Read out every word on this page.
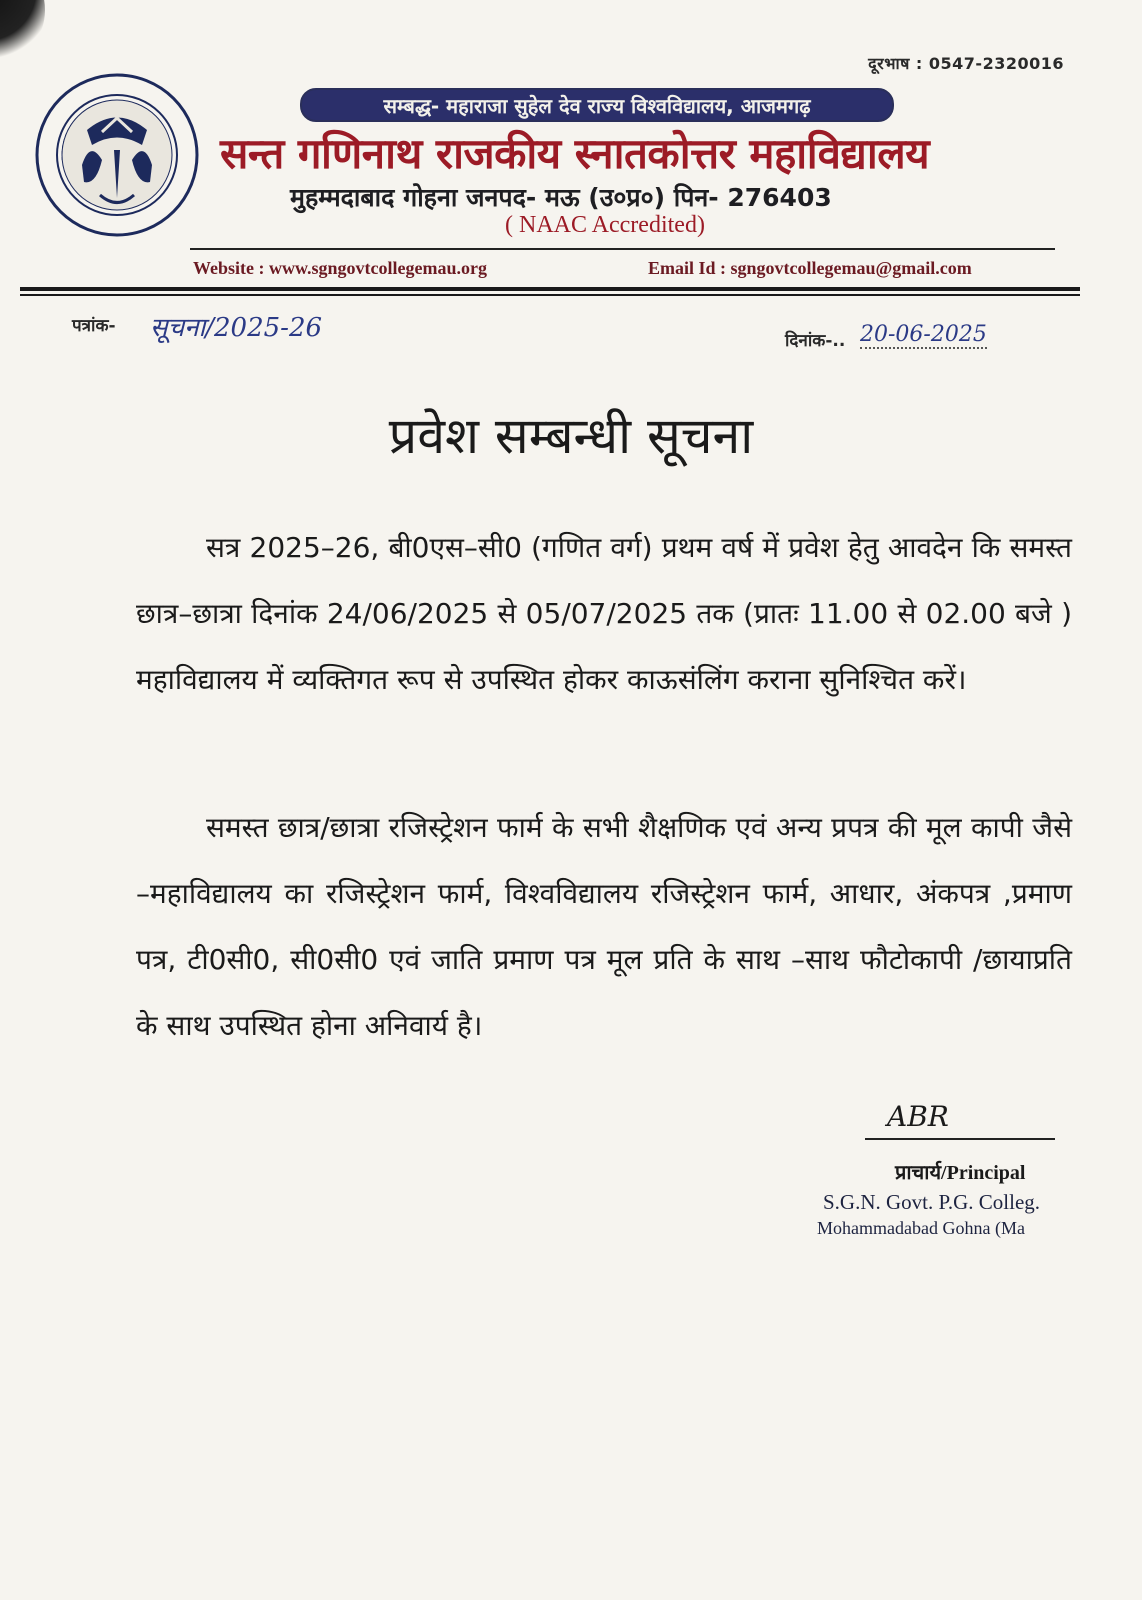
दूरभाष : 0547-2320016
सम्बद्ध- महाराजा सुहेल देव राज्य विश्वविद्यालय, आजमगढ़
सन्त गणिनाथ राजकीय स्नातकोत्तर महाविद्यालय
मुहम्मदाबाद गोहना जनपद- मऊ (उ०प्र०) पिन- 276403
( NAAC Accredited)
Website : www.sgngovtcollegemau.org	Email Id : sgngovtcollegemau@gmail.com
पत्रांक- सूचना/2025-26	दिनांक-.. 20-06-2025
प्रवेश सम्बन्धी सूचना
सत्र 2025–26, बी0एस–सी0 (गणित वर्ग) प्रथम वर्ष में प्रवेश हेतु आवदेन कि समस्त छात्र–छात्रा दिनांक 24/06/2025 से 05/07/2025 तक (प्रातः 11.00 से 02.00 बजे ) महाविद्यालय में व्यक्तिगत रूप से उपस्थित होकर काऊसंलिंग कराना सुनिश्चित करें।
समस्त छात्र/छात्रा रजिस्ट्रेशन फार्म के सभी शैक्षणिक एवं अन्य प्रपत्र की मूल कापी जैसे –महाविद्यालय का रजिस्ट्रेशन फार्म, विश्वविद्यालय रजिस्ट्रेशन फार्म, आधार, अंकपत्र ,प्रमाण पत्र, टी0सी0, सी0सी0 एवं जाति प्रमाण पत्र मूल प्रति के साथ –साथ फौटोकापी /छायाप्रति के साथ उपस्थित होना अनिवार्य है।
ABR
प्राचार्य/Principal
S.G.N. Govt. P.G. Colleg.
Mohammadabad Gohna (Ma
